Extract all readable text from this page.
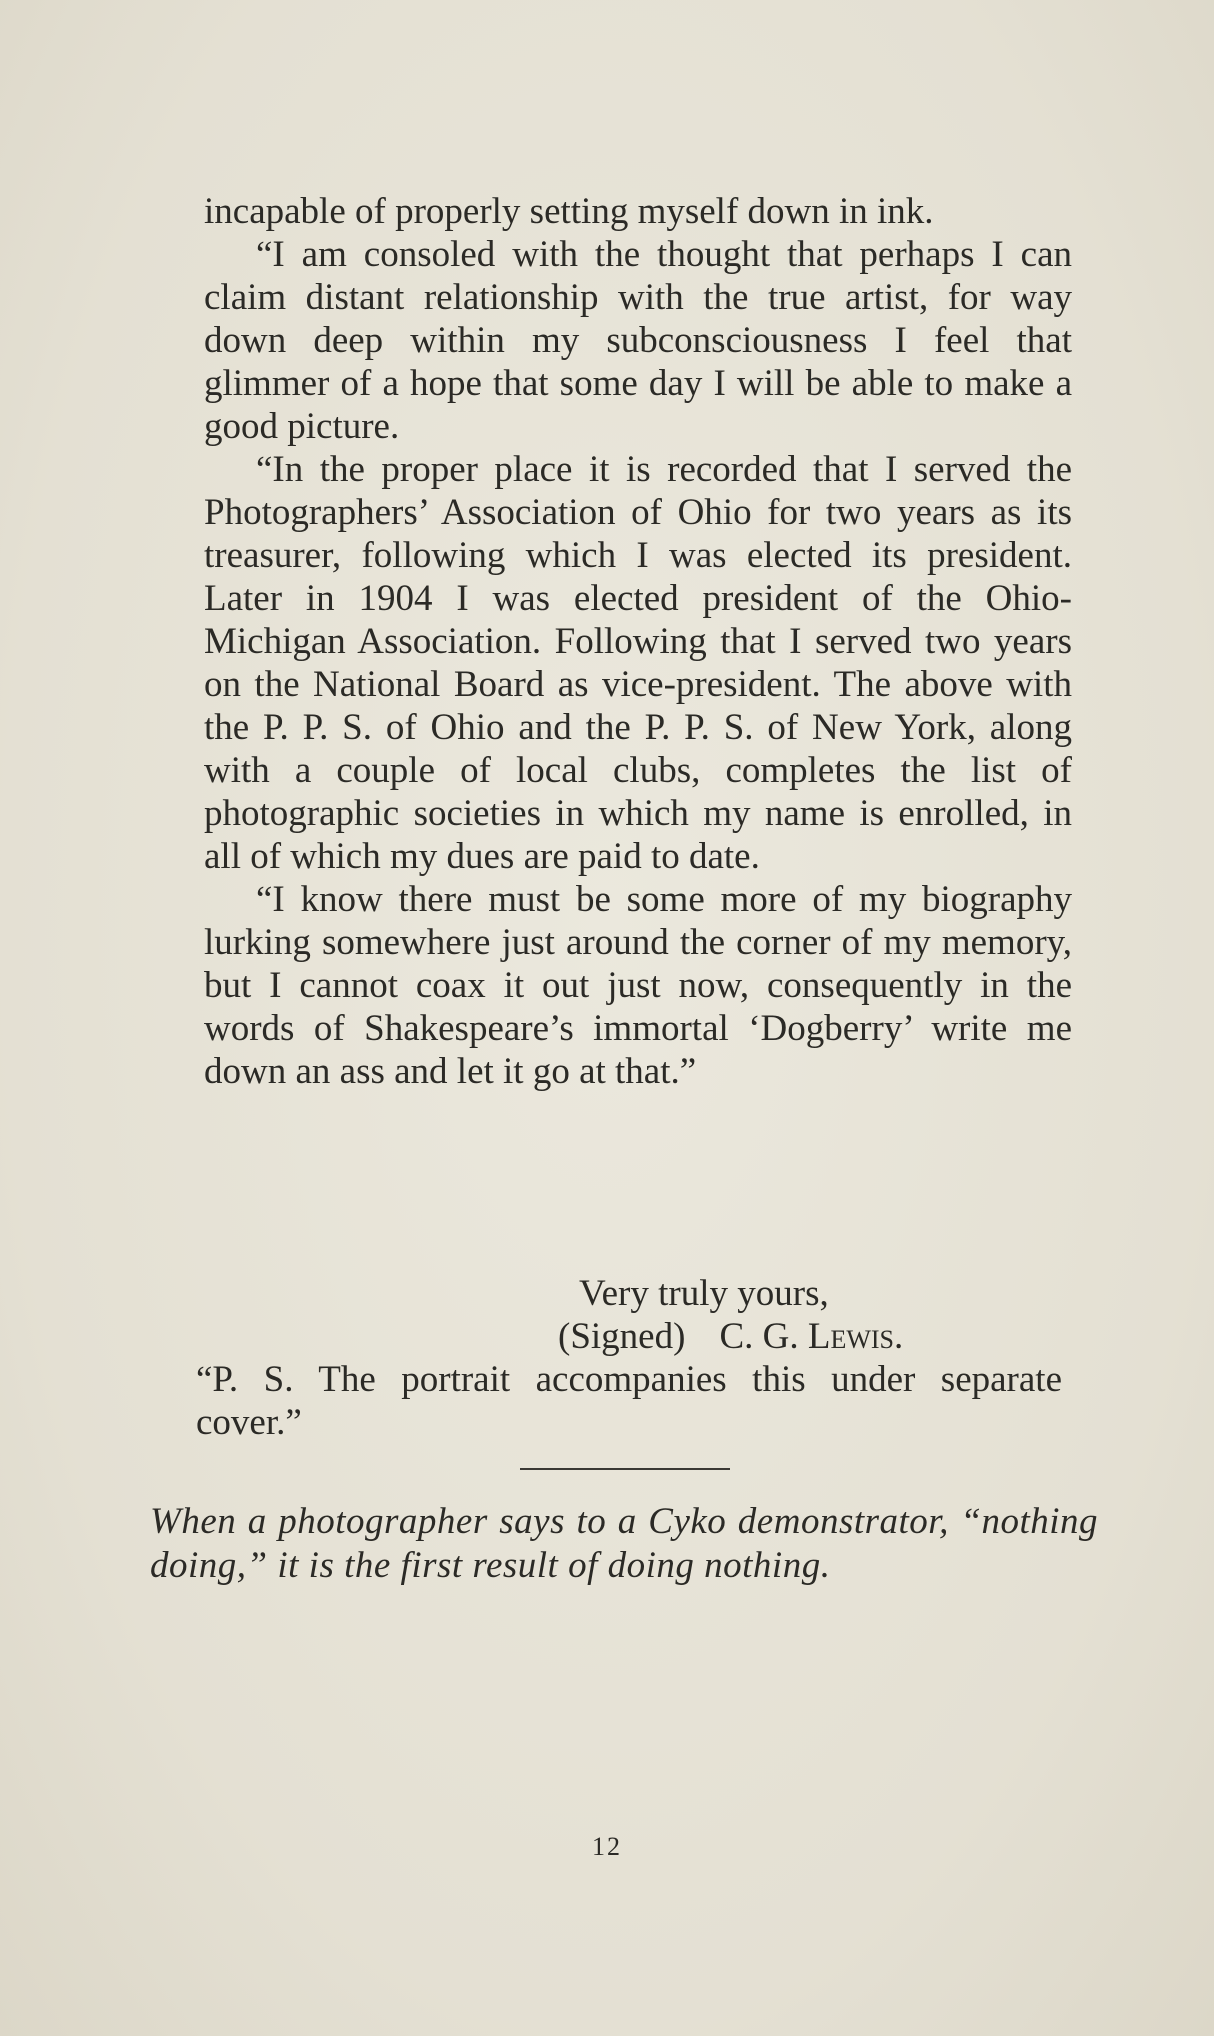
incapable of properly setting myself down in ink.

“I am consoled with the thought that perhaps I can claim distant relationship with the true artist, for way down deep within my subconsciousness I feel that glimmer of a hope that some day I will be able to make a good picture.

“In the proper place it is recorded that I served the Photographers’ Association of Ohio for two years as its treasurer, following which I was elected its president. Later in 1904 I was elected president of the Ohio-Michigan Association. Following that I served two years on the National Board as vice-president. The above with the P. P. S. of Ohio and the P. P. S. of New York, along with a couple of local clubs, completes the list of photographic societies in which my name is enrolled, in all of which my dues are paid to date.

“I know there must be some more of my biography lurking somewhere just around the corner of my memory, but I cannot coax it out just now, consequently in the words of Shakespeare’s immortal ‘Dogberry’ write me down an ass and let it go at that.”

Very truly yours,
(Signed) C. G. Lewis.
“P. S. The portrait accompanies this under separate cover.”
When a photographer says to a Cyko demonstrator, “nothing doing,” it is the first result of doing nothing.
12
